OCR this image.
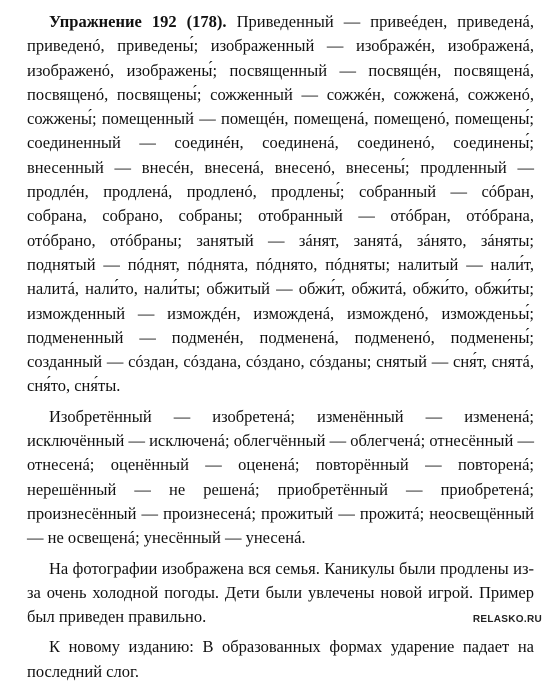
Упражнение 192 (178). Приведенный — привеéден, приведенá, приведенó, приведены́; изображенный — изображéн, изображенá, изображенó, изображены́; посвященный — посвящéн, посвященá, посвященó, посвящены́; сожженный — сожжéн, сожженá, сожженó, сожжены́; помещенный — помещéн, помещенá, помещенó, помещены́; соединенный — соединéн, соединенá, соединенó, соединены́; внесенный — внесéн, внесенá, внесенó, внесены́; продленный — продлéн, продленá, продленó, продлены́; собранный — сóбран, собрана, собрано, собраны; отобранный — отóбран, отóбрана, отóбрано, отóбраны; занятый — зáнят, занятá, зáнято, зáняты; поднятый — пóднят, пóднята, пóднято, пóдняты; налитый — нали́т, налитá, нали́то, нали́ты; обжитый — обжи́т, обжитá, обжи́то, обжи́ты; изможденный — измождéн, изможденá, изможденó, изможденьы́; подмененный — подменéн, подмененá, подмененó, подменены́; созданный — сóздан, сóздана, сóздано, сóзданы; снятый — сня́т, снятá, сня́то, сня́ты.

Изобретённый — изобретенá; изменённый — измененá; исключённый — исключенá; облегчённый — облегченá; отнесённый — отнесенá; оценённый — оцененá; повторённый — повторенá; нерешённый — не решенá; приобретённый — приобретенá; произнесённый — произнесенá; прожитый — прожитá; неосвещённый — не освещенá; унесённый — унесенá.

На фотографии изображена вся семья. Каникулы были продлены из-за очень холодной погоды. Дети были увлечены новой игрой. Пример был приведен правильно.

К новому изданию: В образованных формах ударение падает на последний слог.

RELASKO.RU
